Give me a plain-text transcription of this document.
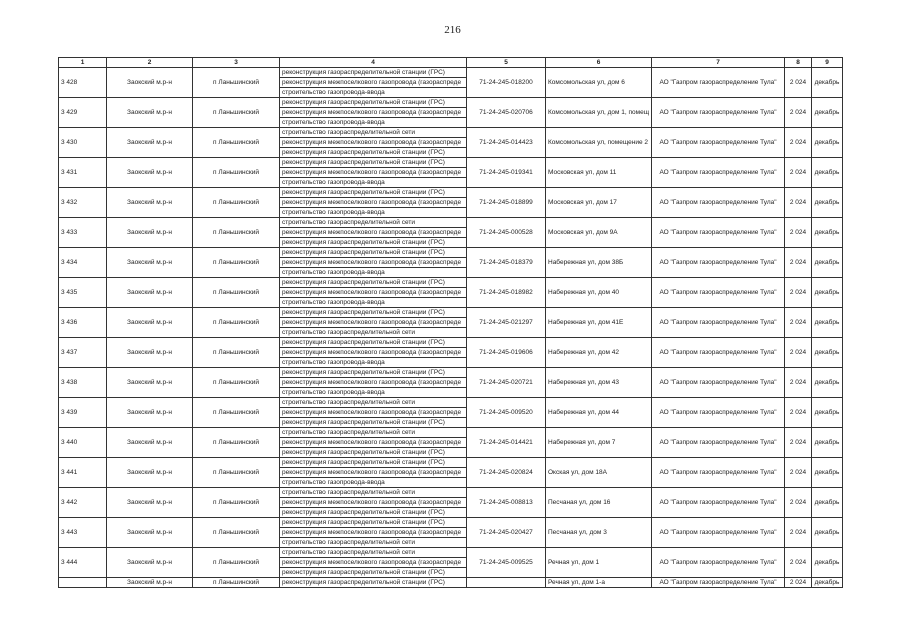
216
1	2	3	4	5	6	7	8	9
3 428	Заокский м.р-н	п Ланьшинский	реконструкция газораспределительной станции (ГРС)	71-24-245-018200	Комсомольская ул, дом 6	АО "Газпром газораспределение Тула"	2 024	декабрь
			реконструкция межпоселкового газопровода (газораспреде					
			строительство газопровода-ввода					
3 429	Заокский м.р-н	п Ланьшинский	реконструкция газораспределительной станции (ГРС)	71-24-245-020706	Комсомольская ул, дом 1, помещ	АО "Газпром газораспределение Тула"	2 024	декабрь
			реконструкция межпоселкового газопровода (газораспреде					
			строительство газопровода-ввода					
3 430	Заокский м.р-н	п Ланьшинский	строительство газораспределительной сети	71-24-245-014423	Комсомольская ул, помещение 2	АО "Газпром газораспределение Тула"	2 024	декабрь
			реконструкция межпоселкового газопровода (газораспреде					
			реконструкция газораспределительной станции (ГРС)					
3 431	Заокский м.р-н	п Ланьшинский	реконструкция газораспределительной станции (ГРС)	71-24-245-019341	Московская ул, дом 11	АО "Газпром газораспределение Тула"	2 024	декабрь
			реконструкция межпоселкового газопровода (газораспреде					
			строительство газопровода-ввода					
3 432	Заокский м.р-н	п Ланьшинский	реконструкция газораспределительной станции (ГРС)	71-24-245-018899	Московская ул, дом 17	АО "Газпром газораспределение Тула"	2 024	декабрь
			реконструкция межпоселкового газопровода (газораспреде					
			строительство газопровода-ввода					
3 433	Заокский м.р-н	п Ланьшинский	строительство газораспределительной сети	71-24-245-000528	Московская ул, дом 9А	АО "Газпром газораспределение Тула"	2 024	декабрь
			реконструкция межпоселкового газопровода (газораспреде					
			реконструкция газораспределительной станции (ГРС)					
3 434	Заокский м.р-н	п Ланьшинский	реконструкция газораспределительной станции (ГРС)	71-24-245-018379	Набережная ул, дом 38Б	АО "Газпром газораспределение Тула"	2 024	декабрь
			реконструкция межпоселкового газопровода (газораспреде					
			строительство газопровода-ввода					
3 435	Заокский м.р-н	п Ланьшинский	реконструкция газораспределительной станции (ГРС)	71-24-245-018982	Набережная ул, дом 40	АО "Газпром газораспределение Тула"	2 024	декабрь
			реконструкция межпоселкового газопровода (газораспреде					
			строительство газопровода-ввода					
3 436	Заокский м.р-н	п Ланьшинский	реконструкция газораспределительной станции (ГРС)	71-24-245-021297	Набережная ул, дом 41Е	АО "Газпром газораспределение Тула"	2 024	декабрь
			реконструкция межпоселкового газопровода (газораспреде					
			строительство газораспределительной сети					
3 437	Заокский м.р-н	п Ланьшинский	реконструкция газораспределительной станции (ГРС)	71-24-245-019606	Набережная ул, дом 42	АО "Газпром газораспределение Тула"	2 024	декабрь
			реконструкция межпоселкового газопровода (газораспреде					
			строительство газопровода-ввода					
3 438	Заокский м.р-н	п Ланьшинский	реконструкция газораспределительной станции (ГРС)	71-24-245-020721	Набережная ул, дом 43	АО "Газпром газораспределение Тула"	2 024	декабрь
			реконструкция межпоселкового газопровода (газораспреде					
			строительство газопровода-ввода					
3 439	Заокский м.р-н	п Ланьшинский	строительство газораспределительной сети	71-24-245-009520	Набережная ул, дом 44	АО "Газпром газораспределение Тула"	2 024	декабрь
			реконструкция межпоселкового газопровода (газораспреде					
			реконструкция газораспределительной станции (ГРС)					
3 440	Заокский м.р-н	п Ланьшинский	строительство газораспределительной сети	71-24-245-014421	Набережная ул, дом 7	АО "Газпром газораспределение Тула"	2 024	декабрь
			реконструкция межпоселкового газопровода (газораспреде					
			реконструкция газораспределительной станции (ГРС)					
3 441	Заокский м.р-н	п Ланьшинский	реконструкция газораспределительной станции (ГРС)	71-24-245-020824	Окская ул, дом 18А	АО "Газпром газораспределение Тула"	2 024	декабрь
			реконструкция межпоселкового газопровода (газораспреде					
			строительство газопровода-ввода					
3 442	Заокский м.р-н	п Ланьшинский	строительство газораспределительной сети	71-24-245-008813	Песчаная ул, дом 16	АО "Газпром газораспределение Тула"	2 024	декабрь
			реконструкция межпоселкового газопровода (газораспреде					
			реконструкция газораспределительной станции (ГРС)					
3 443	Заокский м.р-н	п Ланьшинский	реконструкция газораспределительной станции (ГРС)	71-24-245-020427	Песчаная ул, дом 3	АО "Газпром газораспределение Тула"	2 024	декабрь
			реконструкция межпоселкового газопровода (газораспреде					
			строительство газораспределительной сети					
3 444	Заокский м.р-н	п Ланьшинский	строительство газораспределительной сети	71-24-245-009525	Речная ул, дом 1	АО "Газпром газораспределение Тула"	2 024	декабрь
			реконструкция межпоселкового газопровода (газораспреде					
			реконструкция газораспределительной станции (ГРС)					
	Заокский м.р-н	п Ланьшинский	реконструкция газораспределительной станции (ГРС)		Речная ул, дом 1-а	АО "Газпром газораспределение Тула"	2 024	декабрь
